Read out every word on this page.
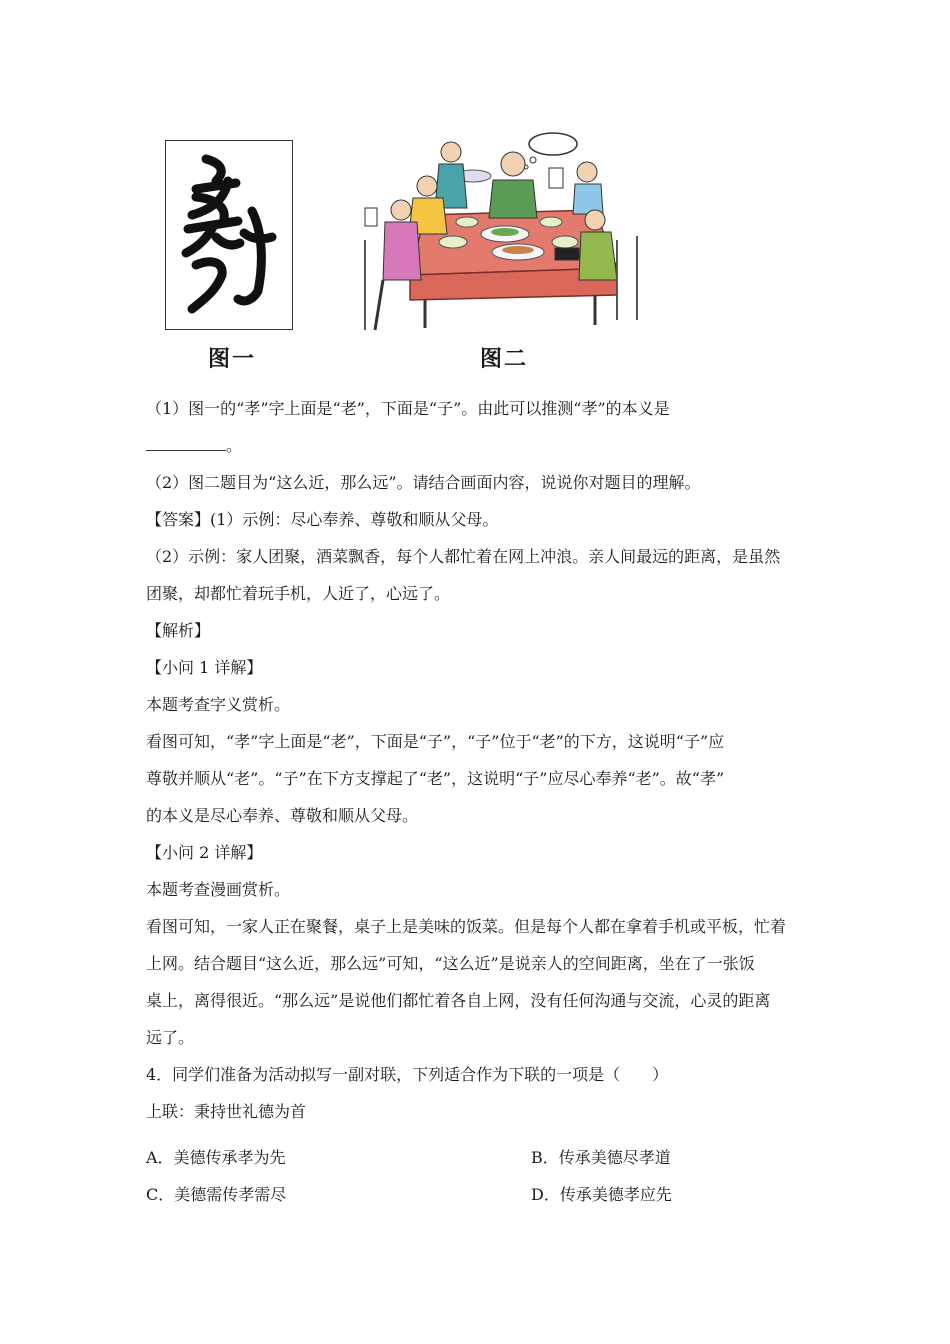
图一	图二
（1）图一的“孝”字上面是“老”，下面是“子”。由此可以推测“孝”的本义是
。
（2）图二题目为“这么近，那么远”。请结合画面内容，说说你对题目的理解。
【答案】(1）示例：尽心奉养、尊敬和顺从父母。
（2）示例：家人团聚，酒菜飘香，每个人都忙着在网上冲浪。亲人间最远的距离，是虽然
团聚，却都忙着玩手机，人近了，心远了。
【解析】
【小问 1 详解】
本题考查字义赏析。
看图可知，“孝”字上面是“老”，下面是“子”，“子”位于“老”的下方，这说明“子”应
尊敬并顺从“老”。“子”在下方支撑起了“老”，这说明“子”应尽心奉养“老”。故“孝”
的本义是尽心奉养、尊敬和顺从父母。
【小问 2 详解】
本题考查漫画赏析。
看图可知，一家人正在聚餐，桌子上是美味的饭菜。但是每个人都在拿着手机或平板，忙着
上网。结合题目“这么近，那么远”可知，“这么近”是说亲人的空间距离，坐在了一张饭
桌上，离得很近。“那么远”是说他们都忙着各自上网，没有任何沟通与交流，心灵的距离
远了。
4．同学们准备为活动拟写一副对联，下列适合作为下联的一项是（　　）
上联：秉持世礼德为首
A．美德传承孝为先	B．传承美德尽孝道
C．美德需传孝需尽	D．传承美德孝应先
